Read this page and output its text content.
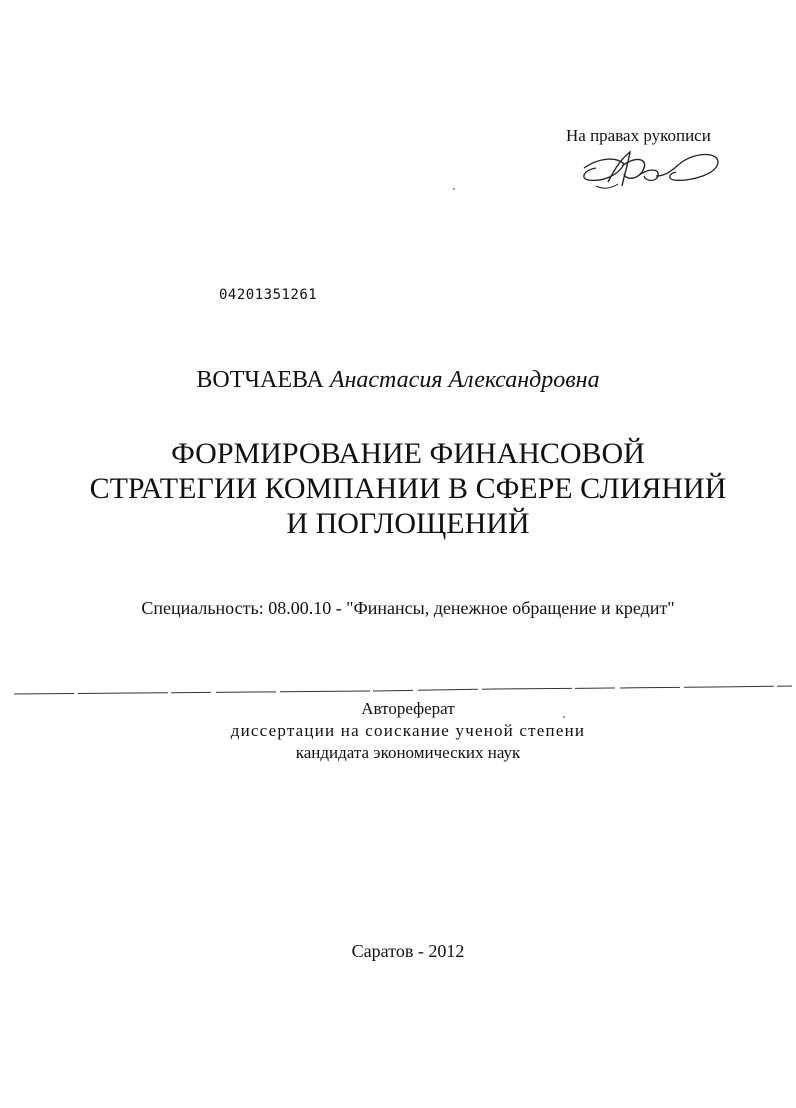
На правах рукописи
04201351261
ВОТЧАЕВА Анастасия Александровна
ФОРМИРОВАНИЕ ФИНАНСОВОЙ
СТРАТЕГИИ КОМПАНИИ В СФЕРЕ СЛИЯНИЙ
И ПОГЛОЩЕНИЙ
Специальность: 08.00.10 - "Финансы, денежное обращение и кредит"
Автореферат
диссертации на соискание ученой степени
кандидата экономических наук
Саратов - 2012
